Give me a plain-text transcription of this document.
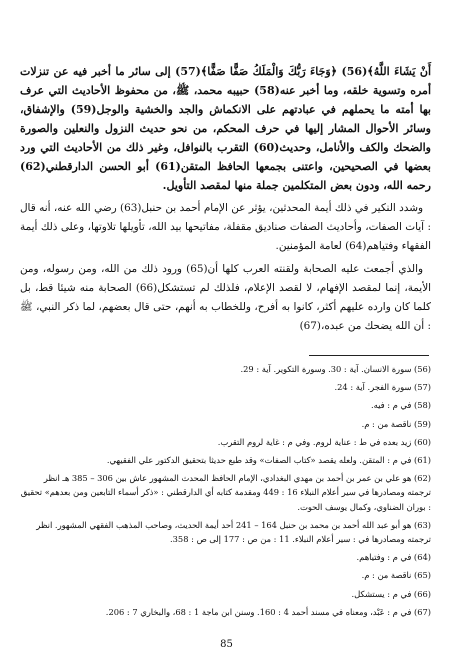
أَنْ يَشَاءَ اللَّهُ﴾(56) ﴿وَجَاءَ رَبُّكَ وَالْمَلَكُ صَفًّا صَفًّا﴾(57) إلى سائر ما أخبر فيه عن تنزلات أمره وتسوية خلقه، وما أخبر عنه(58) حبيبه محمد، ﷺ، من محفوظ الأحاديث التي عرف بها أمته ما يحملهم في عبادتهم على الانكماش والجد والخشية والوجل(59) والإشفاق، وسائر الأحوال المشار إليها في حرف المحكم، من نحو حديث النزول والنعلين والصورة والضحك والكف والأنامل، وحديث(60) التقرب بالنوافل، وغير ذلك من الأحاديث التي ورد بعضها في الصحيحين، واعتنى بجمعها الحافظ المتقن(61) أبو الحسن الدارقطني(62) رحمه الله، ودون بعض المتكلمين جملة منها لمقصد التأويل.

وشدد النكير في ذلك أيمة المحدثين، يؤثر عن الإمام أحمد بن حنبل(63) رضي الله عنه، أنه قال : آيات الصفات، وأحاديث الصفات صناديق مقفلة، مفاتيحها بيد الله، تأويلها تلاوتها، وعلى ذلك أيمة الفقهاء وفتياهم(64) لعامة المؤمنين.

والذي أجمعت عليه الصحابة ولقنته العرب كلها أن(65) ورود ذلك من الله، ومن رسوله، ومن الأيمة، إنما لمقصد الإفهام، لا لقصد الإعلام، فلذلك لم تستشكل(66) الصحابة منه شيئا قط، بل كلما كان وارده عليهم أكثر، كانوا به أفرح، وللخطاب به أنهم، حتى قال بعضهم، لما ذكر النبي، ﷺ : أن الله يضحك من عبده،(67)

(56) سورة الانسان. آية : 30. وسورة التكوير. آية : 29.

(57) سورة الفجر. آية : 24.

(58) في م : فيه.

(59) ناقصة من : م.

(60) زيد بعده في ط : عناية لروم. وفي م : غاية لروم التقرب.

(61) في م : المتقن. ولعله يقصد «كتاب الصفات» وقد طبع حديثا بتحقيق الدكتور علي الفقيهي.

(62) هو علي بن عمر بن أحمد بن مهدي البغدادي، الإمام الحافظ المحدث المشهور عاش بين 306 – 385 هـ انظر ترجمته ومصادرها في سير أعلام النبلاء 16 : 449 ومقدمة كتابه أي الدارقطني : «ذكر أسماء التابعين ومن بعدهم» تحقيق : بوران الضناوي، وكمال يوسف الحوت.

(63) هو أبو عبد الله أحمد بن محمد بن حنبل 164 – 241 أحد أيمة الحديث، وصاحب المذهب الفقهي المشهور. انظر ترجمته ومصادرها في : سير أعلام النبلاء. 11 : من ص : 177 إلى ص : 358.

(64) في م : وفتياهم.

(65) ناقصة من : م.

(66) في م : يستشكل.

(67) في م : عَبْد، ومعناه في مسند أحمد 4 : 160. وسنن ابن ماجة 1 : 68، والبخاري 7 : 206.

85
